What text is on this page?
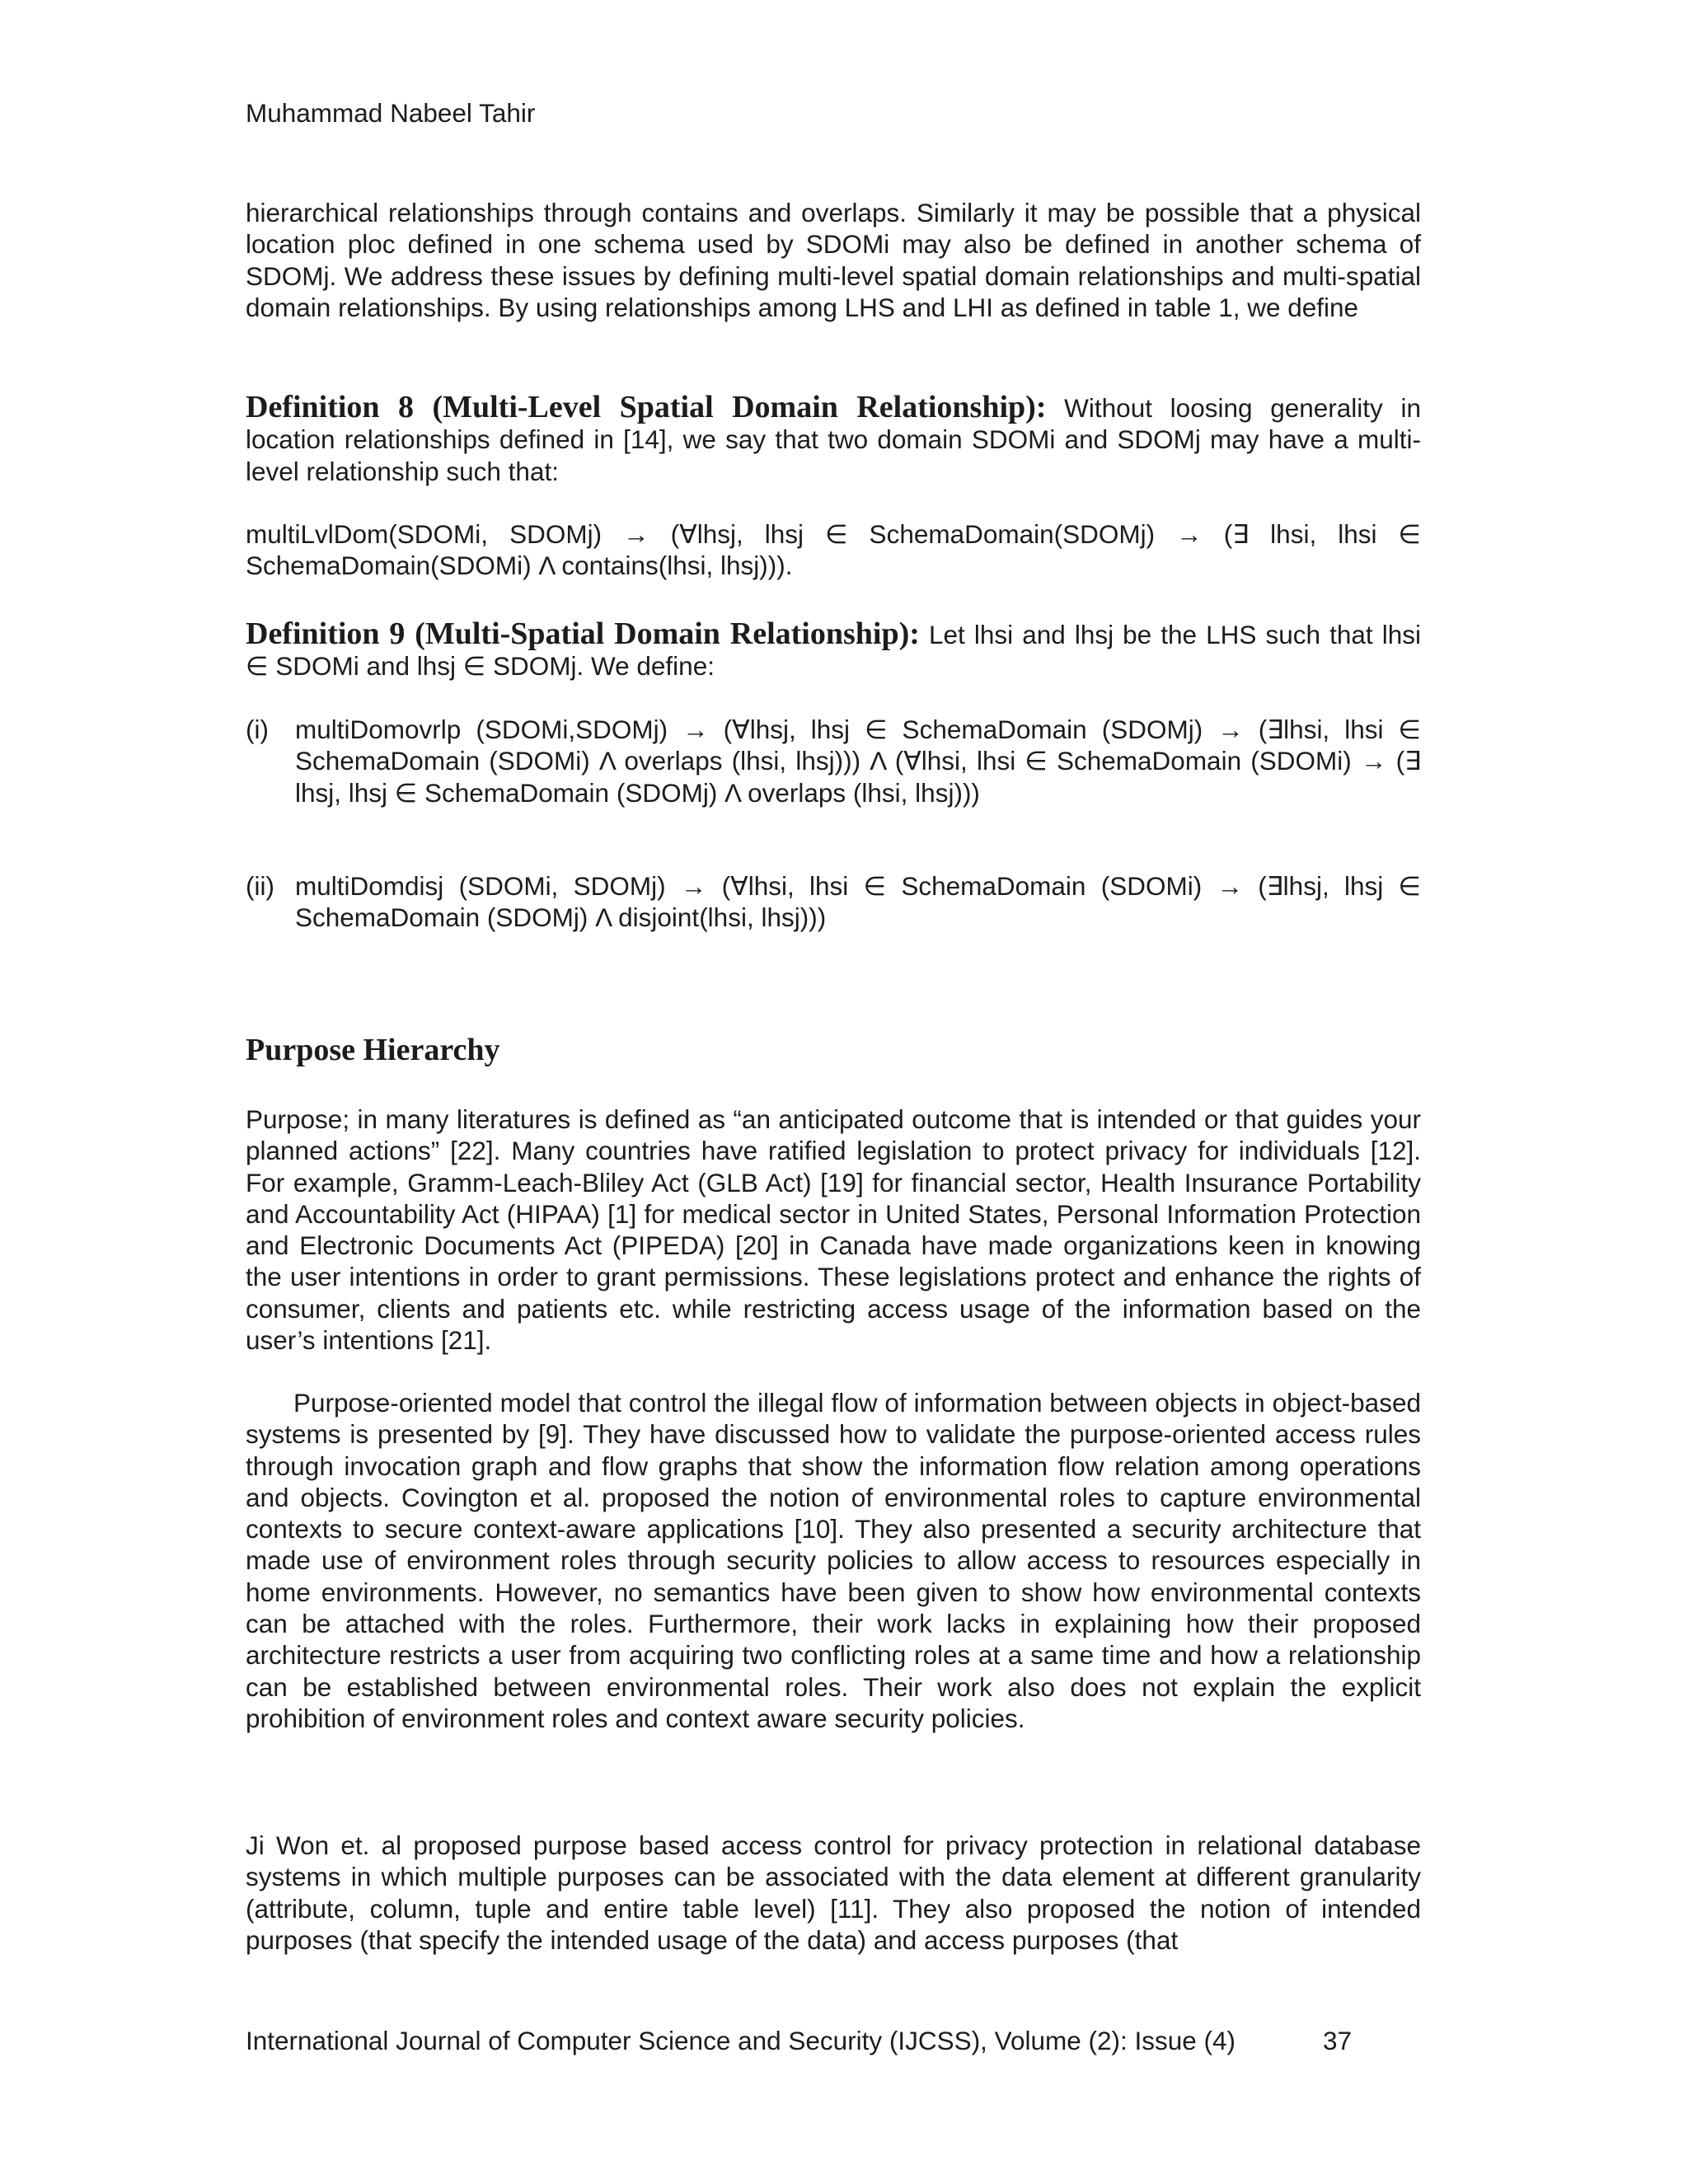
Muhammad Nabeel Tahir
hierarchical relationships through contains and overlaps. Similarly it may be possible that a physical location ploc defined in one schema used by SDOMi may also be defined in another schema of SDOMj. We address these issues by defining multi-level spatial domain relationships and multi-spatial domain relationships. By using relationships among LHS and LHI as defined in table 1, we define
Definition 8 (Multi-Level Spatial Domain Relationship): Without loosing generality in location relationships defined in [14], we say that two domain SDOMi and SDOMj may have a multi-level relationship such that:
multiLvlDom(SDOMi, SDOMj) → (∀lhsj, lhsj ∈ SchemaDomain(SDOMj) → (∃ lhsi, lhsi ∈ SchemaDomain(SDOMi) Λ contains(lhsi, lhsj))).
Definition 9 (Multi-Spatial Domain Relationship): Let lhsi and lhsj be the LHS such that lhsi ∈ SDOMi and lhsj ∈ SDOMj. We define:
(i) multiDomovrlp (SDOMi,SDOMj) → (∀lhsj, lhsj ∈ SchemaDomain (SDOMj) → (∃lhsi, lhsi ∈ SchemaDomain (SDOMi) Λ overlaps (lhsi, lhsj))) Λ (∀lhsi, lhsi ∈ SchemaDomain (SDOMi) → (∃ lhsj, lhsj ∈ SchemaDomain (SDOMj) Λ overlaps (lhsi, lhsj)))
(ii) multiDomdisj (SDOMi, SDOMj) → (∀lhsi, lhsi ∈ SchemaDomain (SDOMi) → (∃lhsj, lhsj ∈ SchemaDomain (SDOMj) Λ disjoint(lhsi, lhsj)))
Purpose Hierarchy
Purpose; in many literatures is defined as “an anticipated outcome that is intended or that guides your planned actions” [22]. Many countries have ratified legislation to protect privacy for individuals [12]. For example, Gramm-Leach-Bliley Act (GLB Act) [19] for financial sector, Health Insurance Portability and Accountability Act (HIPAA) [1] for medical sector in United States, Personal Information Protection and Electronic Documents Act (PIPEDA) [20] in Canada have made organizations keen in knowing the user intentions in order to grant permissions. These legislations protect and enhance the rights of consumer, clients and patients etc. while restricting access usage of the information based on the user’s intentions [21].
Purpose-oriented model that control the illegal flow of information between objects in object-based systems is presented by [9]. They have discussed how to validate the purpose-oriented access rules through invocation graph and flow graphs that show the information flow relation among operations and objects. Covington et al. proposed the notion of environmental roles to capture environmental contexts to secure context-aware applications [10]. They also presented a security architecture that made use of environment roles through security policies to allow access to resources especially in home environments. However, no semantics have been given to show how environmental contexts can be attached with the roles. Furthermore, their work lacks in explaining how their proposed architecture restricts a user from acquiring two conflicting roles at a same time and how a relationship can be established between environmental roles. Their work also does not explain the explicit prohibition of environment roles and context aware security policies.
Ji Won et. al proposed purpose based access control for privacy protection in relational database systems in which multiple purposes can be associated with the data element at different granularity (attribute, column, tuple and entire table level) [11]. They also proposed the notion of intended purposes (that specify the intended usage of the data) and access purposes (that
International Journal of Computer Science and Security (IJCSS), Volume (2): Issue (4)	37
